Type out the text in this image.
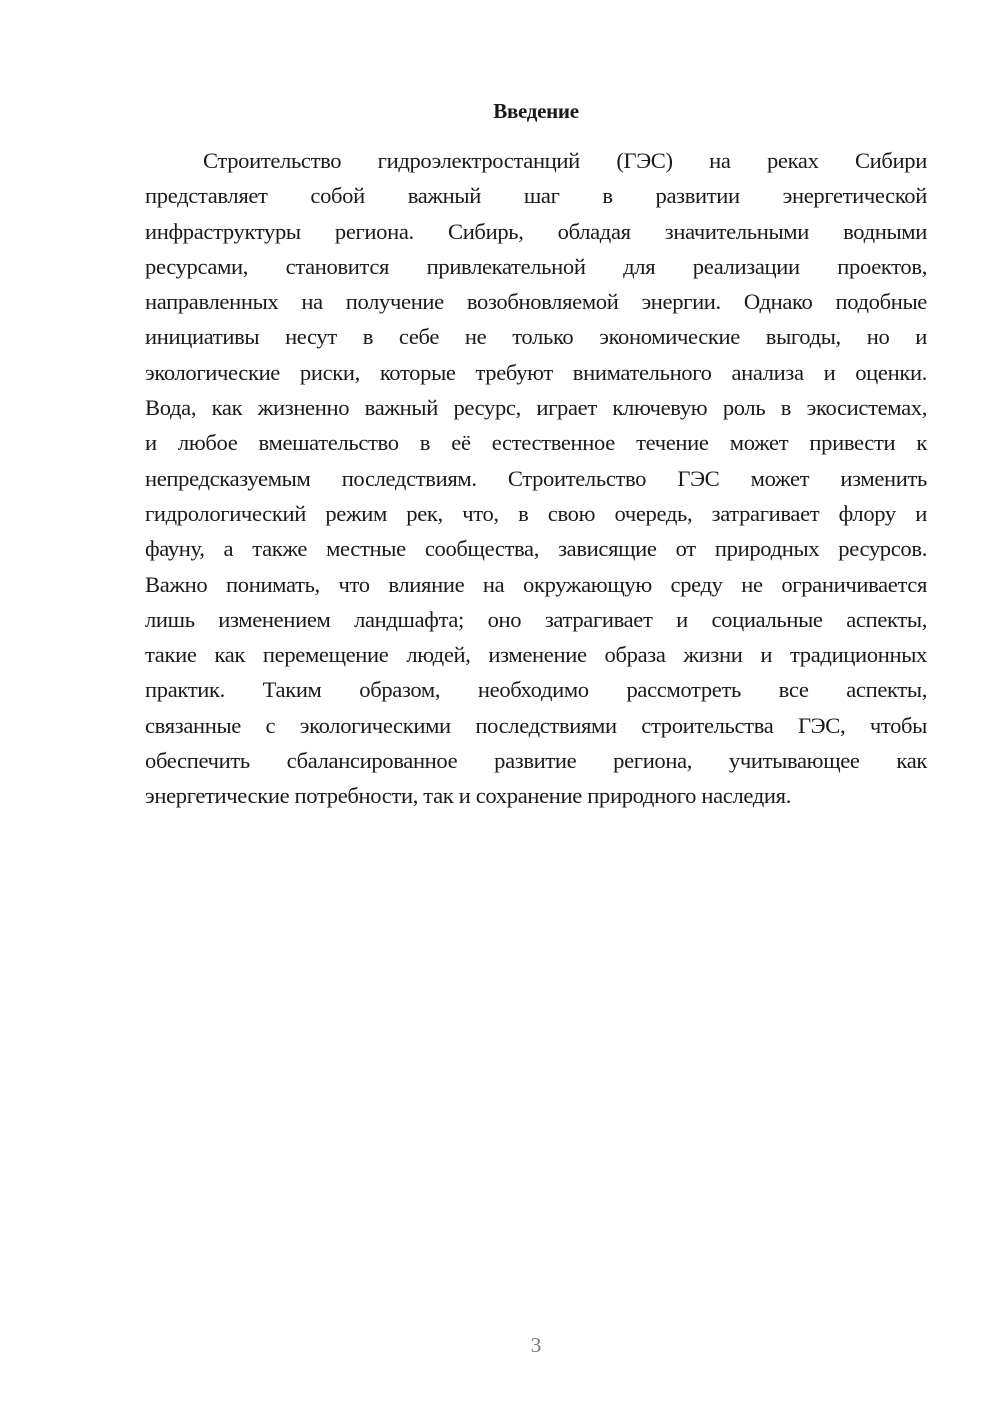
Введение
Строительство гидроэлектростанций (ГЭС) на реках Сибири
представляет собой важный шаг в развитии энергетической
инфраструктуры региона. Сибирь, обладая значительными водными
ресурсами, становится привлекательной для реализации проектов,
направленных на получение возобновляемой энергии. Однако подобные
инициативы несут в себе не только экономические выгоды, но и
экологические риски, которые требуют внимательного анализа и оценки.
Вода, как жизненно важный ресурс, играет ключевую роль в экосистемах,
и любое вмешательство в её естественное течение может привести к
непредсказуемым последствиям. Строительство ГЭС может изменить
гидрологический режим рек, что, в свою очередь, затрагивает флору и
фауну, а также местные сообщества, зависящие от природных ресурсов.
Важно понимать, что влияние на окружающую среду не ограничивается
лишь изменением ландшафта; оно затрагивает и социальные аспекты,
такие как перемещение людей, изменение образа жизни и традиционных
практик. Таким образом, необходимо рассмотреть все аспекты,
связанные с экологическими последствиями строительства ГЭС, чтобы
обеспечить сбалансированное развитие региона, учитывающее как
энергетические потребности, так и сохранение природного наследия.
3
